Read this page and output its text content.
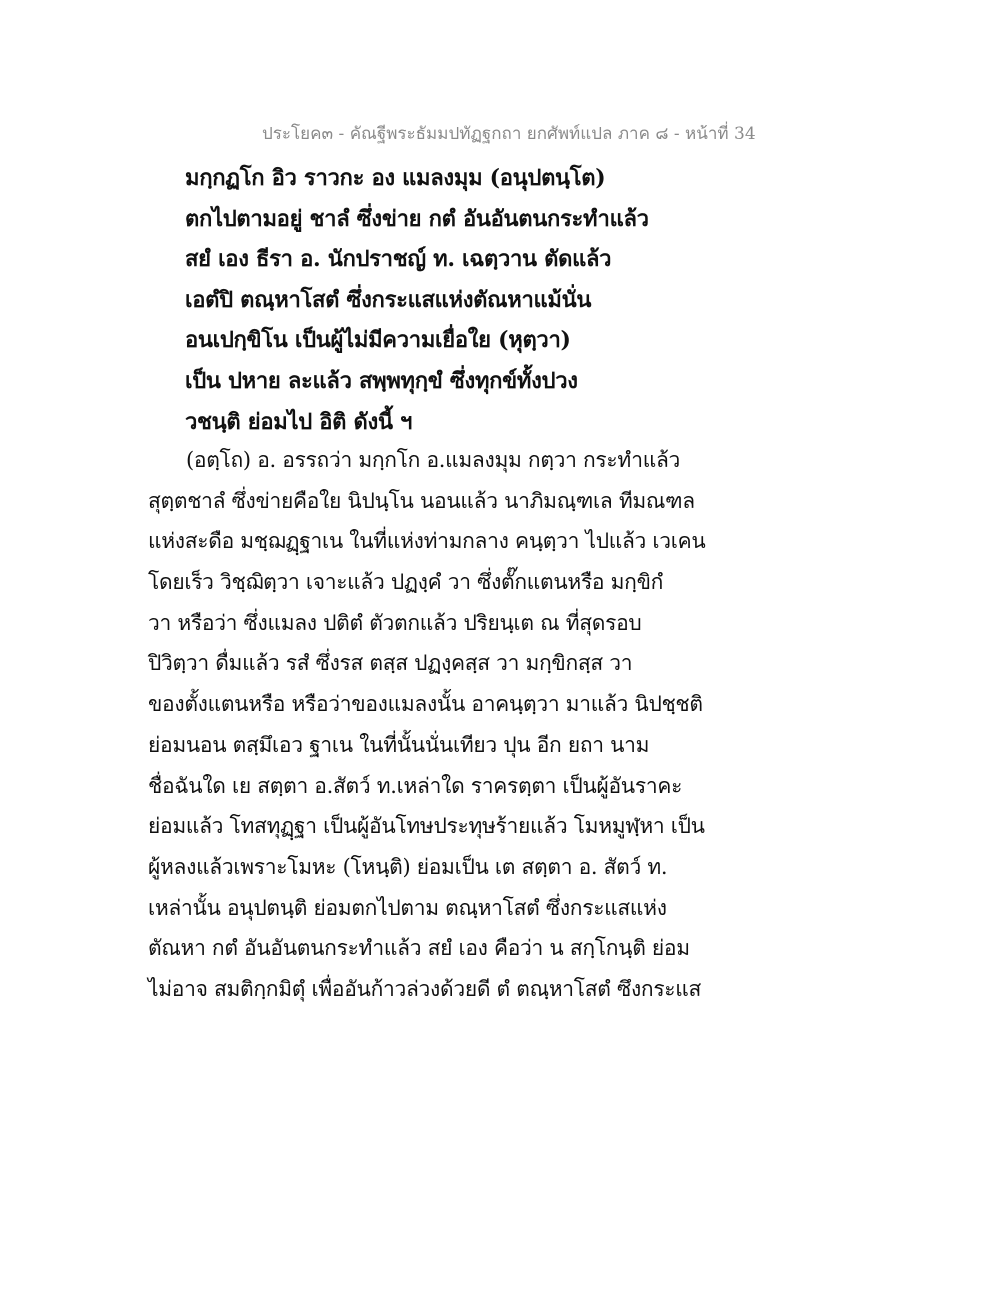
ประโยค๓ - คัณฐีพระธัมมปทัฏฐกถา ยกศัพท์แปล ภาค ๘ - หน้าที่ 34
มกฺกฏโก อิว ราวกะ อง แมลงมุม (อนุปตนฺโต)
ตกไปตามอยู่ ชาลํ ซึ่งข่าย กตํ อันอันตนกระทำแล้ว
สยํ เอง ธีรา อ. นักปราชญ์ ท. เฉตฺวาน ตัดแล้ว
เอตํปิ ตณฺหาโสตํ ซึ่งกระแสแห่งตัณหาแม้นั่น
อนเปกฺขิโน เป็นผู้ไม่มีความเยื่อใย (หุตฺวา)
เป็น ปหาย ละแล้ว สพฺพทุกฺขํ ซึ่งทุกข์ทั้งปวง
วชนฺติ ย่อมไป อิติ ดังนี้ ฯ
(อตฺโถ) อ. อรรถว่า มกฺกโก อ.แมลงมุม กตฺวา กระทำแล้ว
สุตฺตชาลํ ซึ่งข่ายคือใย นิปนฺโน นอนแล้ว นาภิมณฺฑเล ทีมณฑล
แห่งสะดือ มชฺฌฏฺฐาเน ในที่แห่งท่ามกลาง คนฺตฺวา ไปแล้ว เวเคน
โดยเร็ว วิชฺฌิตฺวา เจาะแล้ว ปฏงฺคํ วา ซึ่งตั๊กแตนหรือ มกฺขิกํ
วา หรือว่า ซึ่งแมลง ปติตํ ตัวตกแล้ว ปริยนฺเต ณ ที่สุดรอบ
ปิวิตฺวา ดื่มแล้ว รสํ ซึ่งรส ตสฺส ปฏงฺคสฺส วา มกฺขิกสฺส วา
ของตั้งแตนหรือ หรือว่าของแมลงนั้น อาคนฺตฺวา มาแล้ว นิปชฺชติ
ย่อมนอน ตสฺมึเอว ฐาเน ในที่นั้นนั่นเทียว ปุน อีก ยถา นาม
ชื่อฉันใด เย สตฺตา อ.สัตว์ ท.เหล่าใด ราครตฺตา เป็นผู้อันราคะ
ย่อมแล้ว โทสทุฏฺฐา เป็นผู้อันโทษประทุษร้ายแล้ว โมหมูฬฺหา เป็น
ผู้หลงแล้วเพราะโมหะ (โหนฺติ) ย่อมเป็น เต สตฺตา อ. สัตว์ ท.
เหล่านั้น อนุปตนฺติ ย่อมตกไปตาม ตณฺหาโสตํ ซึ่งกระแสแห่ง
ตัณหา กตํ อันอันตนกระทำแล้ว สยํ เอง คือว่า น สกฺโกนฺติ ย่อม
ไม่อาจ สมติกฺกมิตุํ เพื่ออันก้าวล่วงด้วยดี ตํ ตณฺหาโสตํ ซึงกระแส
